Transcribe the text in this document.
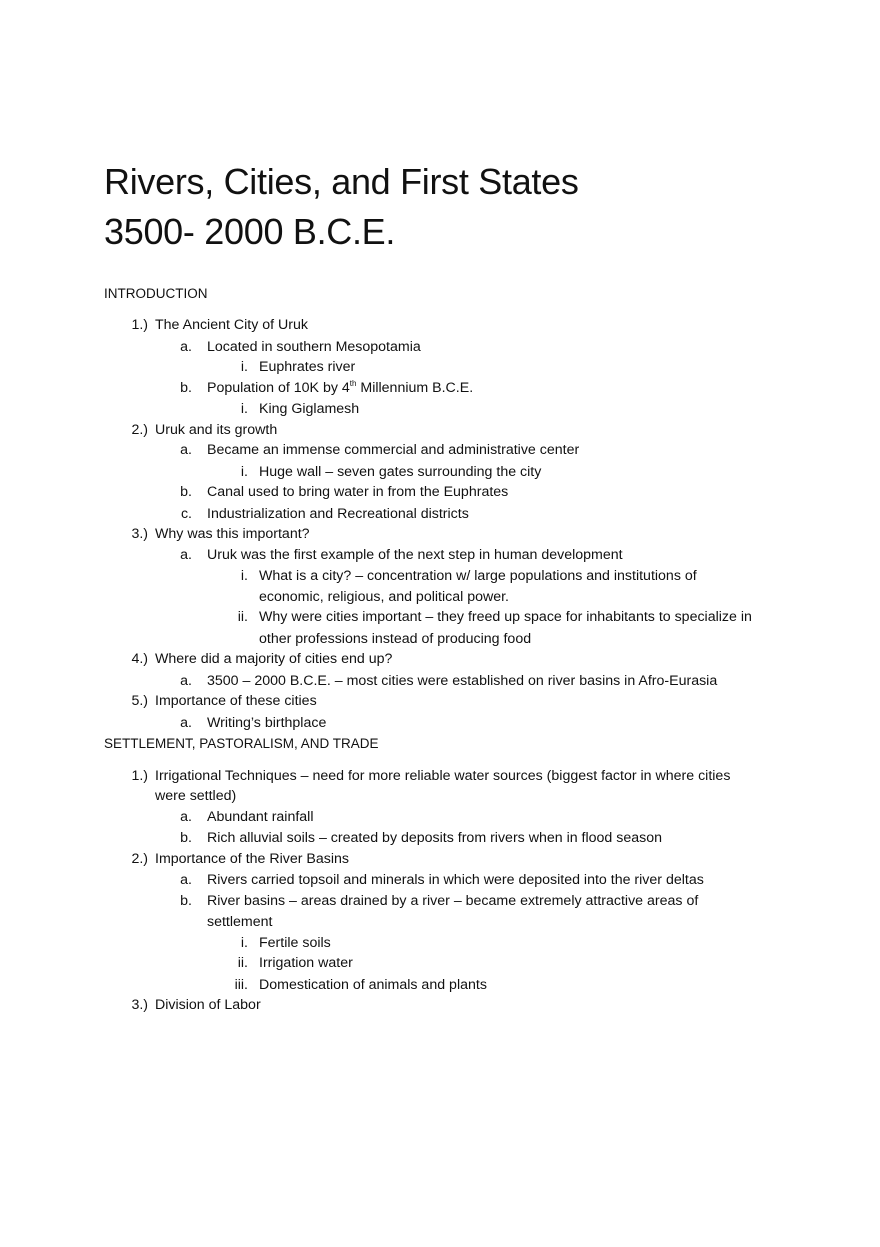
Rivers, Cities, and First States
3500- 2000 B.C.E.
INTRODUCTION
1.) The Ancient City of Uruk
a. Located in southern Mesopotamia
i. Euphrates river
b. Population of 10K by 4th Millennium B.C.E.
i. King Giglamesh
2.) Uruk and its growth
a. Became an immense commercial and administrative center
i. Huge wall – seven gates surrounding the city
b. Canal used to bring water in from the Euphrates
c. Industrialization and Recreational districts
3.) Why was this important?
a. Uruk was the first example of the next step in human development
i. What is a city? – concentration w/ large populations and institutions of
economic, religious, and political power.
ii. Why were cities important – they freed up space for inhabitants to specialize in
other professions instead of producing food
4.) Where did a majority of cities end up?
a. 3500 – 2000 B.C.E. – most cities were established on river basins in Afro-Eurasia
5.) Importance of these cities
a. Writing’s birthplace
SETTLEMENT, PASTORALISM, AND TRADE
1.) Irrigational Techniques – need for more reliable water sources (biggest factor in where cities
were settled)
a. Abundant rainfall
b. Rich alluvial soils – created by deposits from rivers when in flood season
2.) Importance of the River Basins
a. Rivers carried topsoil and minerals in which were deposited into the river deltas
b. River basins – areas drained by a river – became extremely attractive areas of
settlement
i. Fertile soils
ii. Irrigation water
iii. Domestication of animals and plants
3.) Division of Labor
